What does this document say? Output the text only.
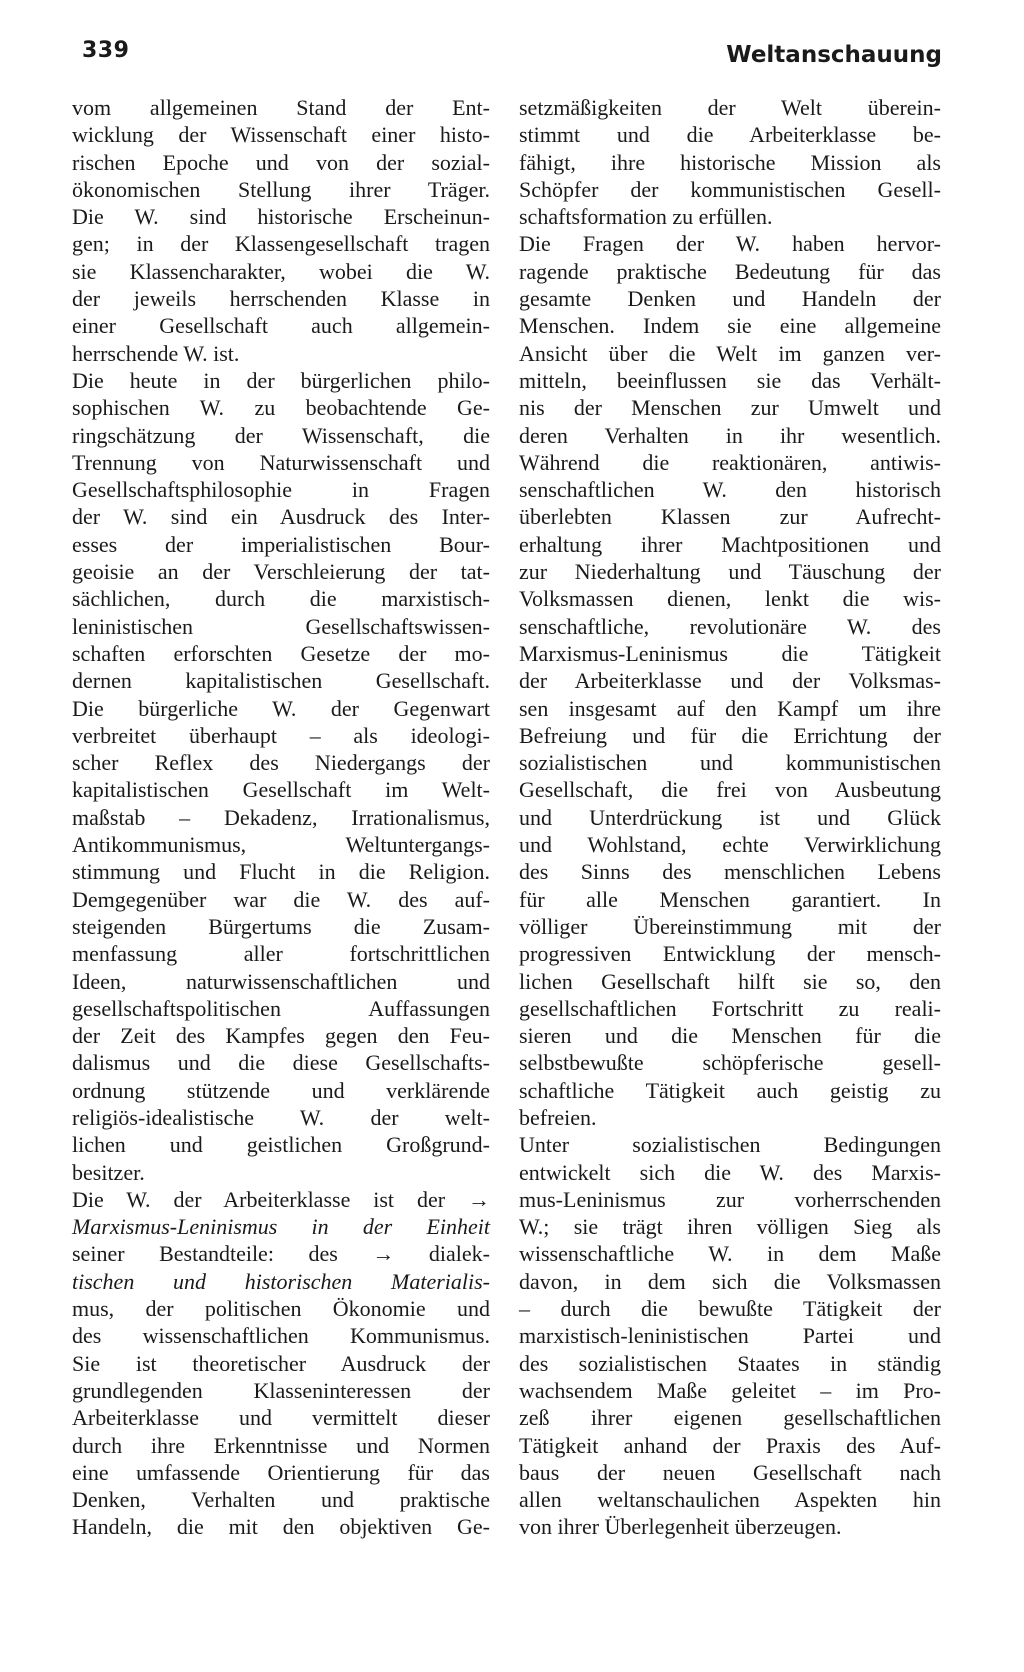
339	Weltanschauung
vom allgemeinen Stand der Ent-
wicklung der Wissenschaft einer histo-
rischen Epoche und von der sozial-
ökonomischen Stellung ihrer Träger.
Die W. sind historische Erscheinun-
gen; in der Klassengesellschaft tragen
sie Klassencharakter, wobei die W.
der jeweils herrschenden Klasse in
einer Gesellschaft auch allgemein-
herrschende W. ist.
Die heute in der bürgerlichen philo-
sophischen W. zu beobachtende Ge-
ringschätzung der Wissenschaft, die
Trennung von Naturwissenschaft und
Gesellschaftsphilosophie in Fragen
der W. sind ein Ausdruck des Inter-
esses der imperialistischen Bour-
geoisie an der Verschleierung der tat-
sächlichen, durch die marxistisch-
leninistischen Gesellschaftswissen-
schaften erforschten Gesetze der mo-
dernen kapitalistischen Gesellschaft.
Die bürgerliche W. der Gegenwart
verbreitet überhaupt – als ideologi-
scher Reflex des Niedergangs der
kapitalistischen Gesellschaft im Welt-
maßstab – Dekadenz, Irrationalismus,
Antikommunismus, Weltuntergangs-
stimmung und Flucht in die Religion.
Demgegenüber war die W. des auf-
steigenden Bürgertums die Zusam-
menfassung aller fortschrittlichen
Ideen, naturwissenschaftlichen und
gesellschaftspolitischen Auffassungen
der Zeit des Kampfes gegen den Feu-
dalismus und die diese Gesellschafts-
ordnung stützende und verklärende
religiös-idealistische W. der welt-
lichen und geistlichen Großgrund-
besitzer.
Die W. der Arbeiterklasse ist der →
Marxismus-Leninismus in der Einheit
seiner Bestandteile: des → dialek-
tischen und historischen Materialis-
mus, der politischen Ökonomie und
des wissenschaftlichen Kommunismus.
Sie ist theoretischer Ausdruck der
grundlegenden Klasseninteressen der
Arbeiterklasse und vermittelt dieser
durch ihre Erkenntnisse und Normen
eine umfassende Orientierung für das
Denken, Verhalten und praktische
Handeln, die mit den objektiven Ge-
setzmäßigkeiten der Welt überein-
stimmt und die Arbeiterklasse be-
fähigt, ihre historische Mission als
Schöpfer der kommunistischen Gesell-
schaftsformation zu erfüllen.
Die Fragen der W. haben hervor-
ragende praktische Bedeutung für das
gesamte Denken und Handeln der
Menschen. Indem sie eine allgemeine
Ansicht über die Welt im ganzen ver-
mitteln, beeinflussen sie das Verhält-
nis der Menschen zur Umwelt und
deren Verhalten in ihr wesentlich.
Während die reaktionären, antiwis-
senschaftlichen W. den historisch
überlebten Klassen zur Aufrecht-
erhaltung ihrer Machtpositionen und
zur Niederhaltung und Täuschung der
Volksmassen dienen, lenkt die wis-
senschaftliche, revolutionäre W. des
Marxismus-Leninismus die Tätigkeit
der Arbeiterklasse und der Volksmas-
sen insgesamt auf den Kampf um ihre
Befreiung und für die Errichtung der
sozialistischen und kommunistischen
Gesellschaft, die frei von Ausbeutung
und Unterdrückung ist und Glück
und Wohlstand, echte Verwirklichung
des Sinns des menschlichen Lebens
für alle Menschen garantiert. In
völliger Übereinstimmung mit der
progressiven Entwicklung der mensch-
lichen Gesellschaft hilft sie so, den
gesellschaftlichen Fortschritt zu reali-
sieren und die Menschen für die
selbstbewußte schöpferische gesell-
schaftliche Tätigkeit auch geistig zu
befreien.
Unter sozialistischen Bedingungen
entwickelt sich die W. des Marxis-
mus-Leninismus zur vorherrschenden
W.; sie trägt ihren völligen Sieg als
wissenschaftliche W. in dem Maße
davon, in dem sich die Volksmassen
– durch die bewußte Tätigkeit der
marxistisch-leninistischen Partei und
des sozialistischen Staates in ständig
wachsendem Maße geleitet – im Pro-
zeß ihrer eigenen gesellschaftlichen
Tätigkeit anhand der Praxis des Auf-
baus der neuen Gesellschaft nach
allen weltanschaulichen Aspekten hin
von ihrer Überlegenheit überzeugen.
